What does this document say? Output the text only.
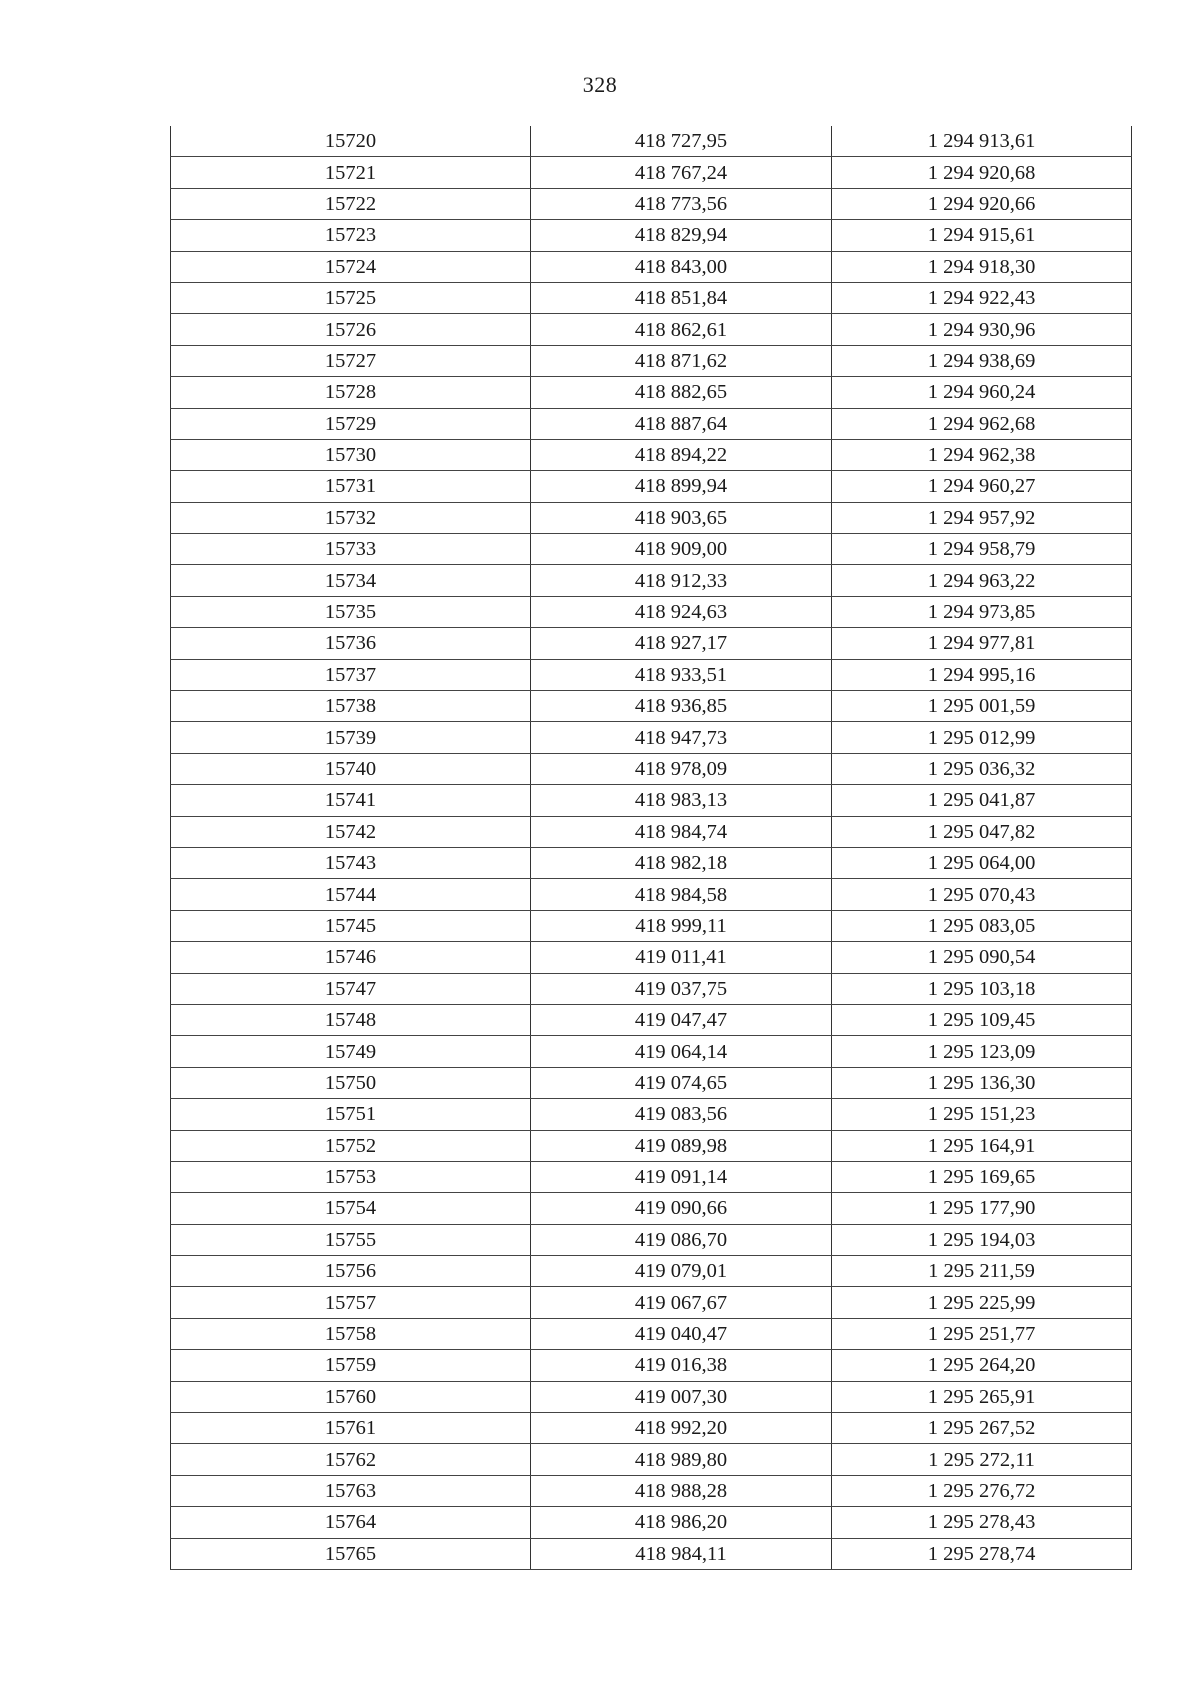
328
15720	418 727,95	1 294 913,61
15721	418 767,24	1 294 920,68
15722	418 773,56	1 294 920,66
15723	418 829,94	1 294 915,61
15724	418 843,00	1 294 918,30
15725	418 851,84	1 294 922,43
15726	418 862,61	1 294 930,96
15727	418 871,62	1 294 938,69
15728	418 882,65	1 294 960,24
15729	418 887,64	1 294 962,68
15730	418 894,22	1 294 962,38
15731	418 899,94	1 294 960,27
15732	418 903,65	1 294 957,92
15733	418 909,00	1 294 958,79
15734	418 912,33	1 294 963,22
15735	418 924,63	1 294 973,85
15736	418 927,17	1 294 977,81
15737	418 933,51	1 294 995,16
15738	418 936,85	1 295 001,59
15739	418 947,73	1 295 012,99
15740	418 978,09	1 295 036,32
15741	418 983,13	1 295 041,87
15742	418 984,74	1 295 047,82
15743	418 982,18	1 295 064,00
15744	418 984,58	1 295 070,43
15745	418 999,11	1 295 083,05
15746	419 011,41	1 295 090,54
15747	419 037,75	1 295 103,18
15748	419 047,47	1 295 109,45
15749	419 064,14	1 295 123,09
15750	419 074,65	1 295 136,30
15751	419 083,56	1 295 151,23
15752	419 089,98	1 295 164,91
15753	419 091,14	1 295 169,65
15754	419 090,66	1 295 177,90
15755	419 086,70	1 295 194,03
15756	419 079,01	1 295 211,59
15757	419 067,67	1 295 225,99
15758	419 040,47	1 295 251,77
15759	419 016,38	1 295 264,20
15760	419 007,30	1 295 265,91
15761	418 992,20	1 295 267,52
15762	418 989,80	1 295 272,11
15763	418 988,28	1 295 276,72
15764	418 986,20	1 295 278,43
15765	418 984,11	1 295 278,74
